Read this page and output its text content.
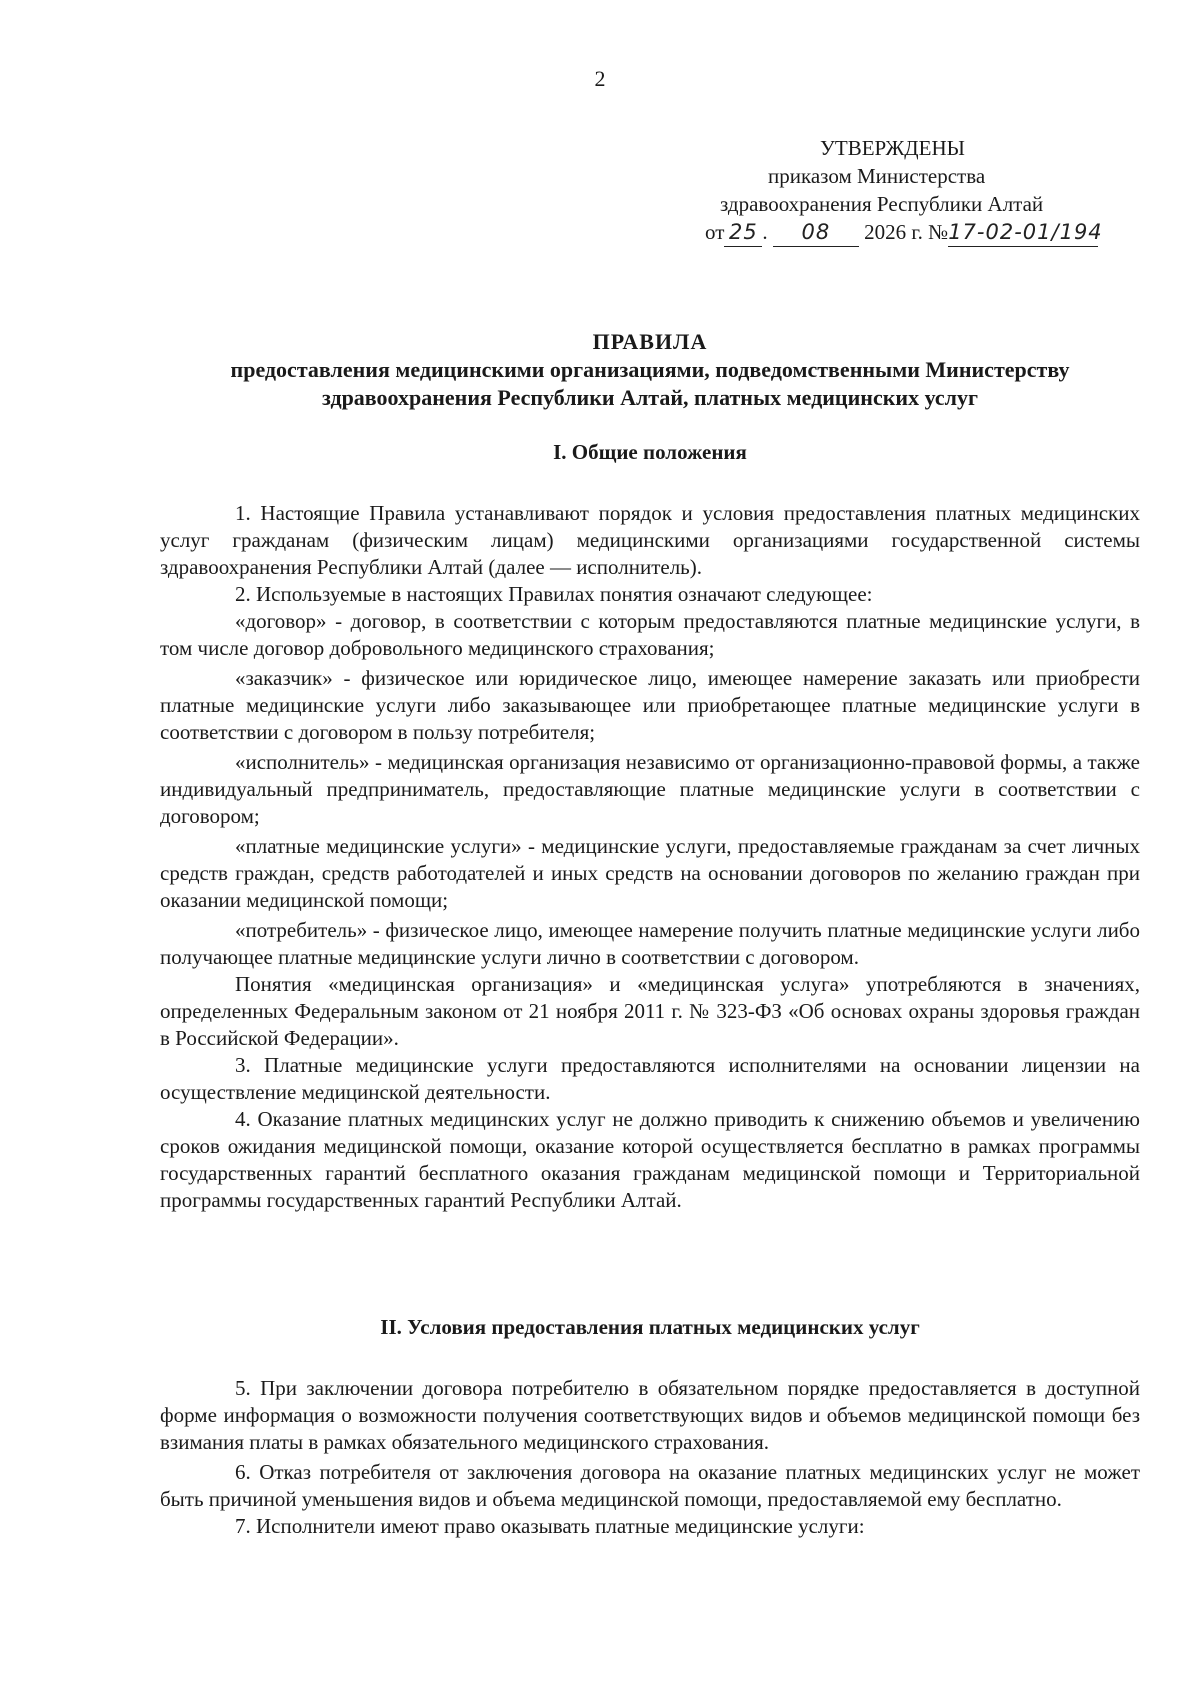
2
УТВЕРЖДЕНЫ
приказом Министерства
здравоохранения Республики Алтай
от 25 . 08 2026 г. №17-02-01/194
ПРАВИЛА
предоставления медицинскими организациями, подведомственными Министерству
здравоохранения Республики Алтай, платных медицинских услуг
I. Общие положения

1. Настоящие Правила устанавливают порядок и условия предоставления платных медицинских услуг гражданам (физическим лицам) медицинскими организациями государственной системы здравоохранения Республики Алтай (далее — исполнитель).

2. Используемые в настоящих Правилах понятия означают следующее:

«договор» - договор, в соответствии с которым предоставляются платные медицинские услуги, в том числе договор добровольного медицинского страхования;

«заказчик» - физическое или юридическое лицо, имеющее намерение заказать или приобрести платные медицинские услуги либо заказывающее или приобретающее платные медицинские услуги в соответствии с договором в пользу потребителя;

«исполнитель» - медицинская организация независимо от организационно-правовой формы, а также индивидуальный предприниматель, предоставляющие платные медицинские услуги в соответствии с договором;

«платные медицинские услуги» - медицинские услуги, предоставляемые гражданам за счет личных средств граждан, средств работодателей и иных средств на основании договоров по желанию граждан при оказании медицинской помощи;

«потребитель» - физическое лицо, имеющее намерение получить платные медицинские услуги либо получающее платные медицинские услуги лично в соответствии с договором.

Понятия «медицинская организация» и «медицинская услуга» употребляются в значениях, определенных Федеральным законом от 21 ноября 2011 г. № 323-ФЗ «Об основах охраны здоровья граждан в Российской Федерации».

3. Платные медицинские услуги предоставляются исполнителями на основании лицензии на осуществление медицинской деятельности.

4. Оказание платных медицинских услуг не должно приводить к снижению объемов и увеличению сроков ожидания медицинской помощи, оказание которой осуществляется бесплатно в рамках программы государственных гарантий бесплатного оказания гражданам медицинской помощи и Территориальной программы государственных гарантий Республики Алтай.

II. Условия предоставления платных медицинских услуг

5. При заключении договора потребителю в обязательном порядке предоставляется в доступной форме информация о возможности получения соответствующих видов и объемов медицинской помощи без взимания платы в рамках обязательного медицинского страхования.

6. Отказ потребителя от заключения договора на оказание платных медицинских услуг не может быть причиной уменьшения видов и объема медицинской помощи, предоставляемой ему бесплатно.

7. Исполнители имеют право оказывать платные медицинские услуги:
